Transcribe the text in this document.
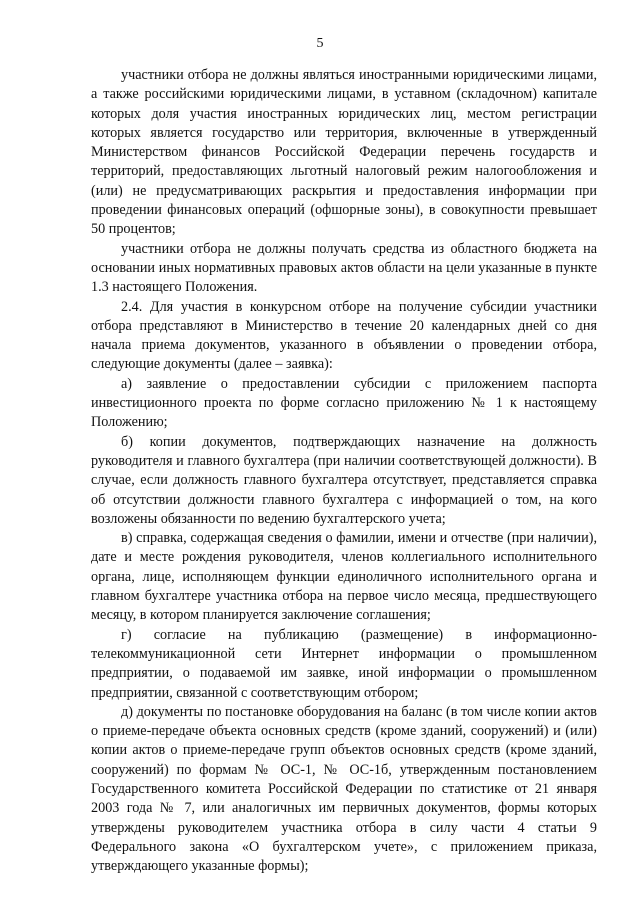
5

участники отбора не должны являться иностранными юридическими лицами, а также российскими юридическими лицами, в уставном (складочном) капитале которых доля участия иностранных юридических лиц, местом регистрации которых является государство или территория, включенные в утвержденный Министерством финансов Российской Федерации перечень государств и территорий, предоставляющих льготный налоговый режим налогообложения и (или) не предусматривающих раскрытия и предоставления информации при проведении финансовых операций (офшорные зоны), в совокупности превышает 50 процентов;

участники отбора не должны получать средства из областного бюджета на основании иных нормативных правовых актов области на цели указанные в пункте 1.3 настоящего Положения.

2.4. Для участия в конкурсном отборе на получение субсидии участники отбора представляют в Министерство в течение 20 календарных дней со дня начала приема документов, указанного в объявлении о проведении отбора, следующие документы (далее – заявка):

а) заявление о предоставлении субсидии с приложением паспорта инвестиционного проекта по форме согласно приложению № 1 к настоящему Положению;

б) копии документов, подтверждающих назначение на должность руководителя и главного бухгалтера (при наличии соответствующей должности). В случае, если должность главного бухгалтера отсутствует, представляется справка об отсутствии должности главного бухгалтера с информацией о том, на кого возложены обязанности по ведению бухгалтерского учета;

в) справка, содержащая сведения о фамилии, имени и отчестве (при наличии), дате и месте рождения руководителя, членов коллегиального исполнительного органа, лице, исполняющем функции единоличного исполнительного органа и главном бухгалтере участника отбора на первое число месяца, предшествующего месяцу, в котором планируется заключение соглашения;

г) согласие на публикацию (размещение) в информационно-телекоммуникационной сети Интернет информации о промышленном предприятии, о подаваемой им заявке, иной информации о промышленном предприятии, связанной с соответствующим отбором;

д) документы по постановке оборудования на баланс (в том числе копии актов о приеме-передаче объекта основных средств (кроме зданий, сооружений) и (или) копии актов о приеме-передаче групп объектов основных средств (кроме зданий, сооружений) по формам № ОС-1, № ОС-1б, утвержденным постановлением Государственного комитета Российской Федерации по статистике от 21 января 2003 года № 7, или аналогичных им первичных документов, формы которых утверждены руководителем участника отбора в силу части 4 статьи 9 Федерального закона «О бухгалтерском учете», с приложением приказа, утверждающего указанные формы);
